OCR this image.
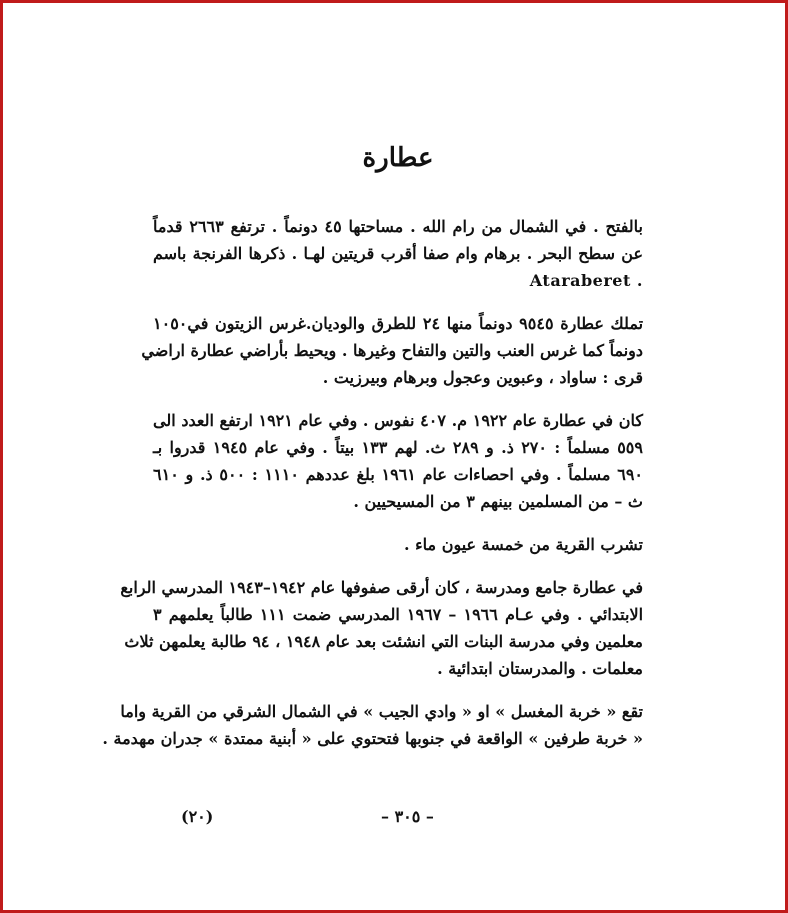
عطارة
بالفتح . في الشمال من رام الله . مساحتها ٤٥ دونماً . ترتفع ٢٦٦٣ قدماً
عن سطح البحر . برهام وام صفا أقرب قريتين لهـا . ذكرها الفرنجة باسم
Ataraberet .
تملك عطارة ٩٥٤٥ دونماً منها ٢٤ للطرق والوديان.غرس الزيتون في١٠٥٠
دونماً كما غرس العنب والتين والتفاح وغيرها . ويحيط بأراضي عطارة اراضي
قرى : ساواد ، وعبوين وعجول وبرهام وبيرزيت .
كان في عطارة عام ١٩٢٢ م. ٤٠٧ نفوس . وفي عام ١٩٢١ ارتفع العدد الى
٥٥٩ مسلماً : ٢٧٠ ذ. و ٢٨٩ ث. لهم ١٣٣ بيتاً . وفي عام ١٩٤٥ قدروا بـ
٦٩٠ مسلماً . وفي احصاءات عام ١٩٦١ بلغ عددهم ١١١٠ : ٥٠٠ ذ. و ٦١٠
ث – من المسلمين بينهم ٣ من المسيحيين .
تشرب القرية من خمسة عيون ماء .
في عطارة جامع ومدرسة ، كان أرقى صفوفها عام ١٩٤٢–١٩٤٣ المدرسي الرابع
الابتدائي . وفي عـام ١٩٦٦ – ١٩٦٧ المدرسي ضمت ١١١ طالباً يعلمهم ٣
معلمين وفي مدرسة البنات التي انشئت بعد عام ١٩٤٨ ، ٩٤ طالبة يعلمهن ثلاث
معلمات . والمدرستان ابتدائية .
تقع « خربة المغسل » او « وادي الجيب » في الشمال الشرقي من القرية واما
« خربة طرفين » الواقعة في جنوبها فتحتوي على « أبنية ممتدة » جدران مهدمة .
(٢٠)	– ٣٠٥ –
